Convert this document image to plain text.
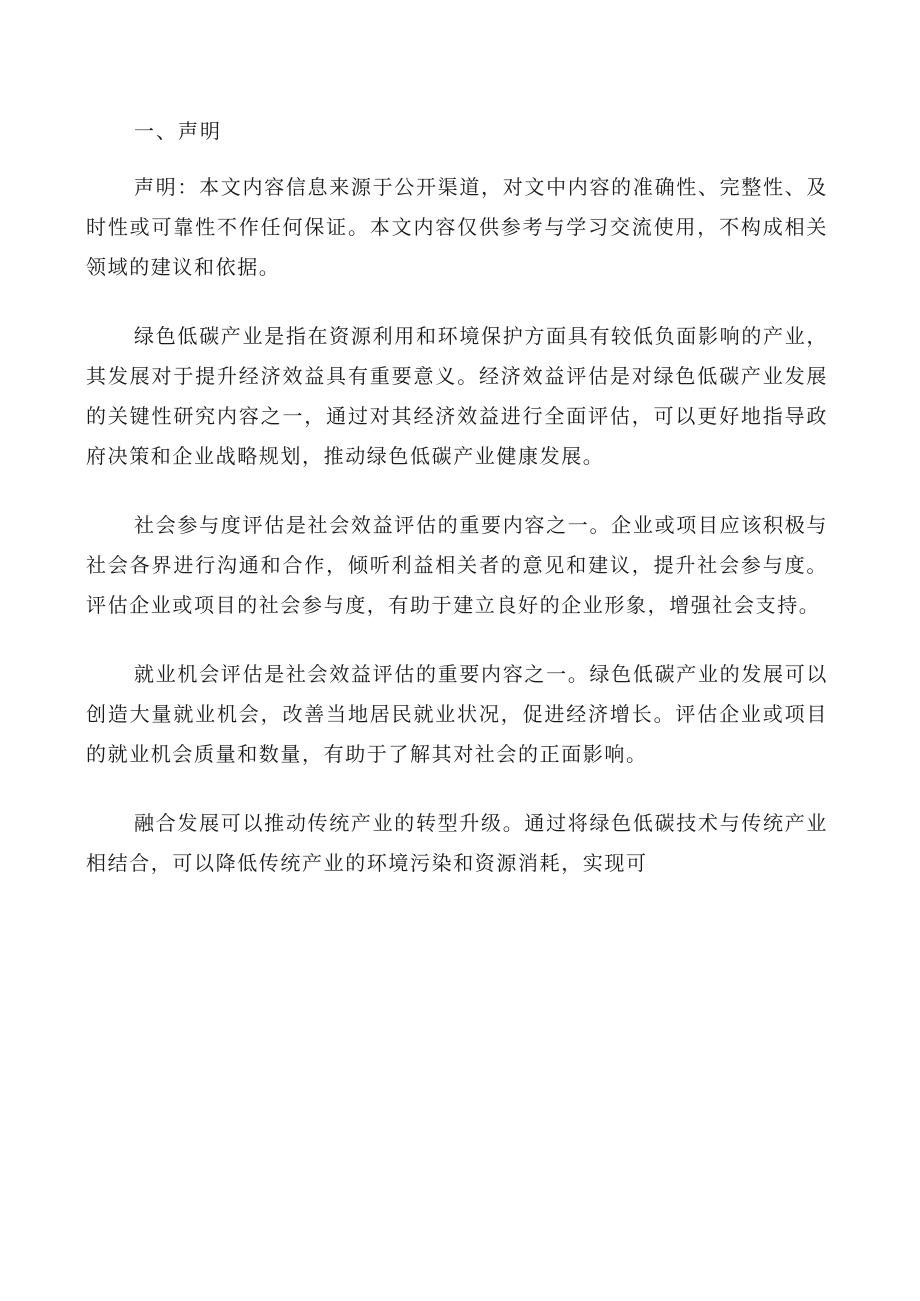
一、声明

声明：本文内容信息来源于公开渠道，对文中内容的准确性、完整性、及时性或可靠性不作任何保证。本文内容仅供参考与学习交流使用，不构成相关领域的建议和依据。

绿色低碳产业是指在资源利用和环境保护方面具有较低负面影响的产业，其发展对于提升经济效益具有重要意义。经济效益评估是对绿色低碳产业发展的关键性研究内容之一，通过对其经济效益进行全面评估，可以更好地指导政府决策和企业战略规划，推动绿色低碳产业健康发展。

社会参与度评估是社会效益评估的重要内容之一。企业或项目应该积极与社会各界进行沟通和合作，倾听利益相关者的意见和建议，提升社会参与度。评估企业或项目的社会参与度，有助于建立良好的企业形象，增强社会支持。

就业机会评估是社会效益评估的重要内容之一。绿色低碳产业的发展可以创造大量就业机会，改善当地居民就业状况，促进经济增长。评估企业或项目的就业机会质量和数量，有助于了解其对社会的正面影响。

融合发展可以推动传统产业的转型升级。通过将绿色低碳技术与传统产业相结合，可以降低传统产业的环境污染和资源消耗，实现可
